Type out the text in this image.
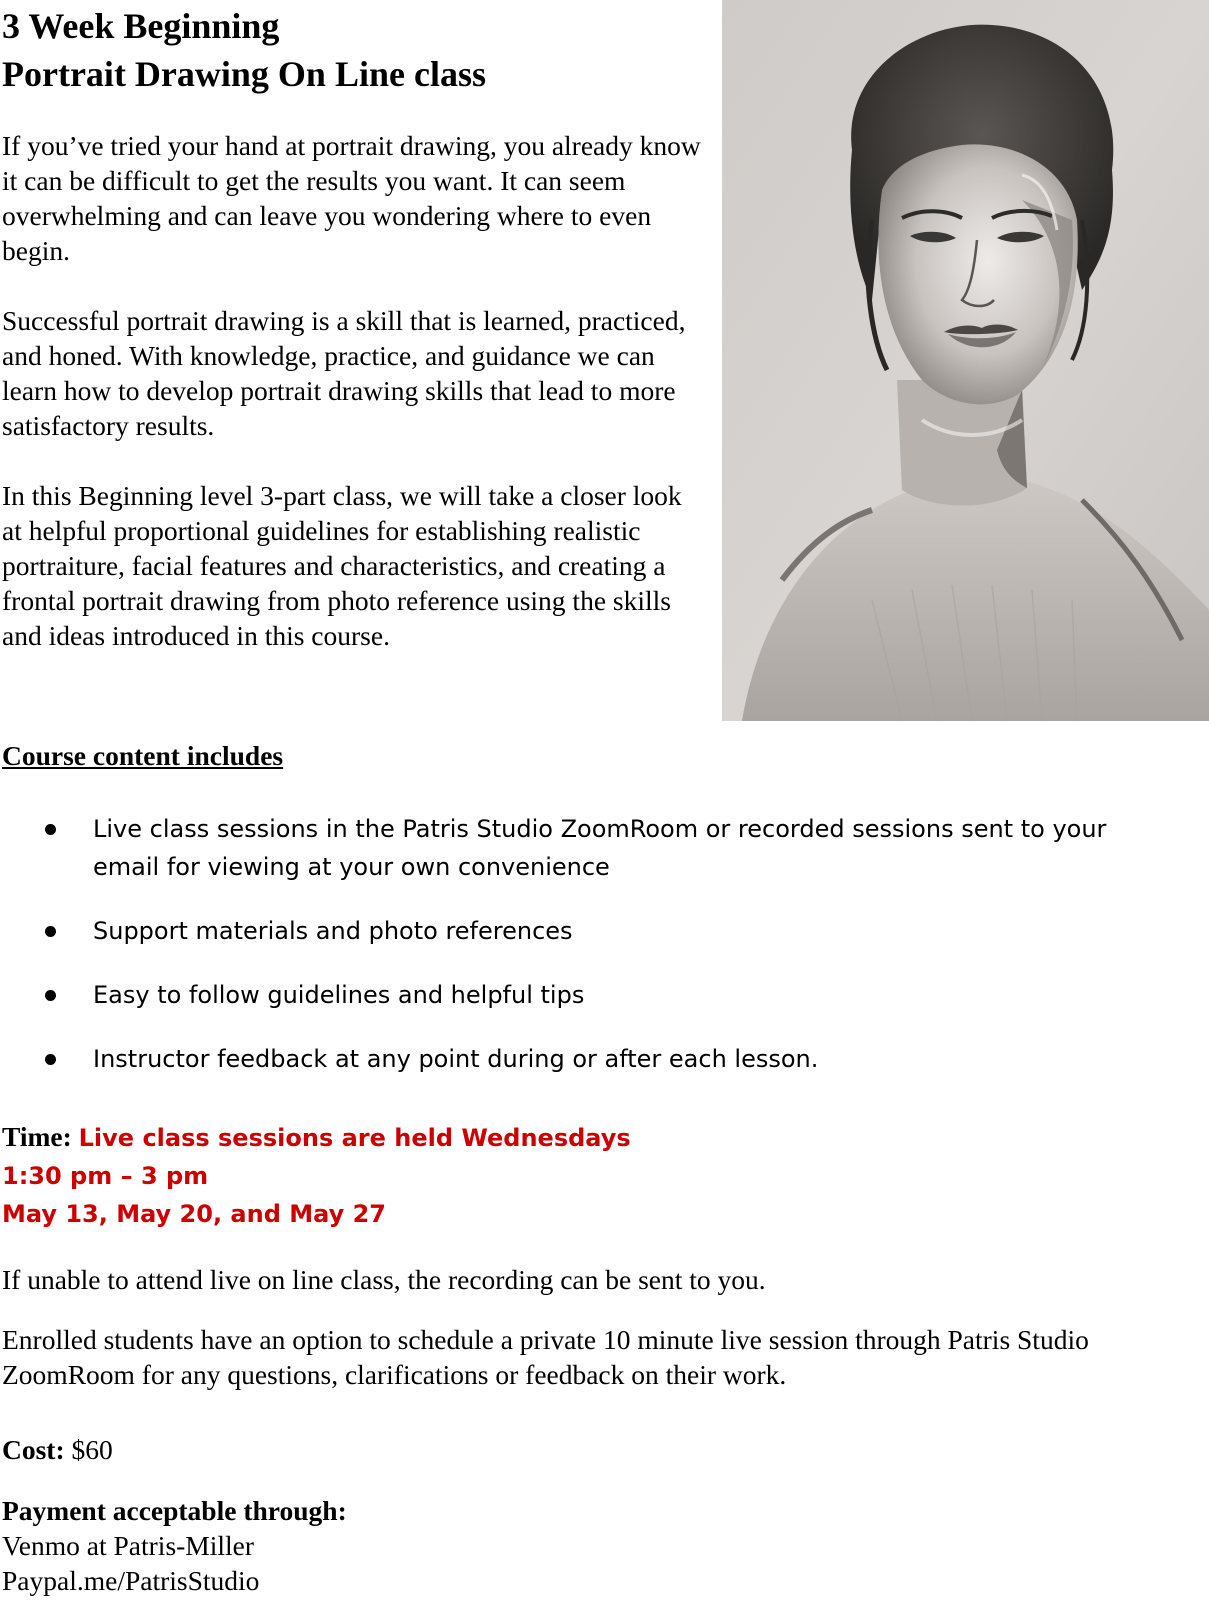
3 Week Beginning
Portrait Drawing On Line class

If you’ve tried your hand at portrait drawing, you already know it can be difficult to get the results you want. It can seem overwhelming and can leave you wondering where to even begin.

Successful portrait drawing is a skill that is learned, practiced, and honed. With knowledge, practice, and guidance we can learn how to develop portrait drawing skills that lead to more satisfactory results.

In this Beginning level 3-part class, we will take a closer look at helpful proportional guidelines for establishing realistic portraiture, facial features and characteristics, and creating a frontal portrait drawing from photo reference using the skills and ideas introduced in this course.

Course content includes
Live class sessions in the Patris Studio ZoomRoom or recorded sessions sent to your email for viewing at your own convenience
Support materials and photo references
Easy to follow guidelines and helpful tips
Instructor feedback at any point during or after each lesson.
Time: Live class sessions are held Wednesdays
1:30 pm – 3 pm
May 13, May 20, and May 27

If unable to attend live on line class, the recording can be sent to you.

Enrolled students have an option to schedule a private 10 minute live session through Patris Studio ZoomRoom for any questions, clarifications or feedback on their work.

Cost: $60

Payment acceptable through:
Venmo at Patris-Miller
Paypal.me/PatrisStudio
